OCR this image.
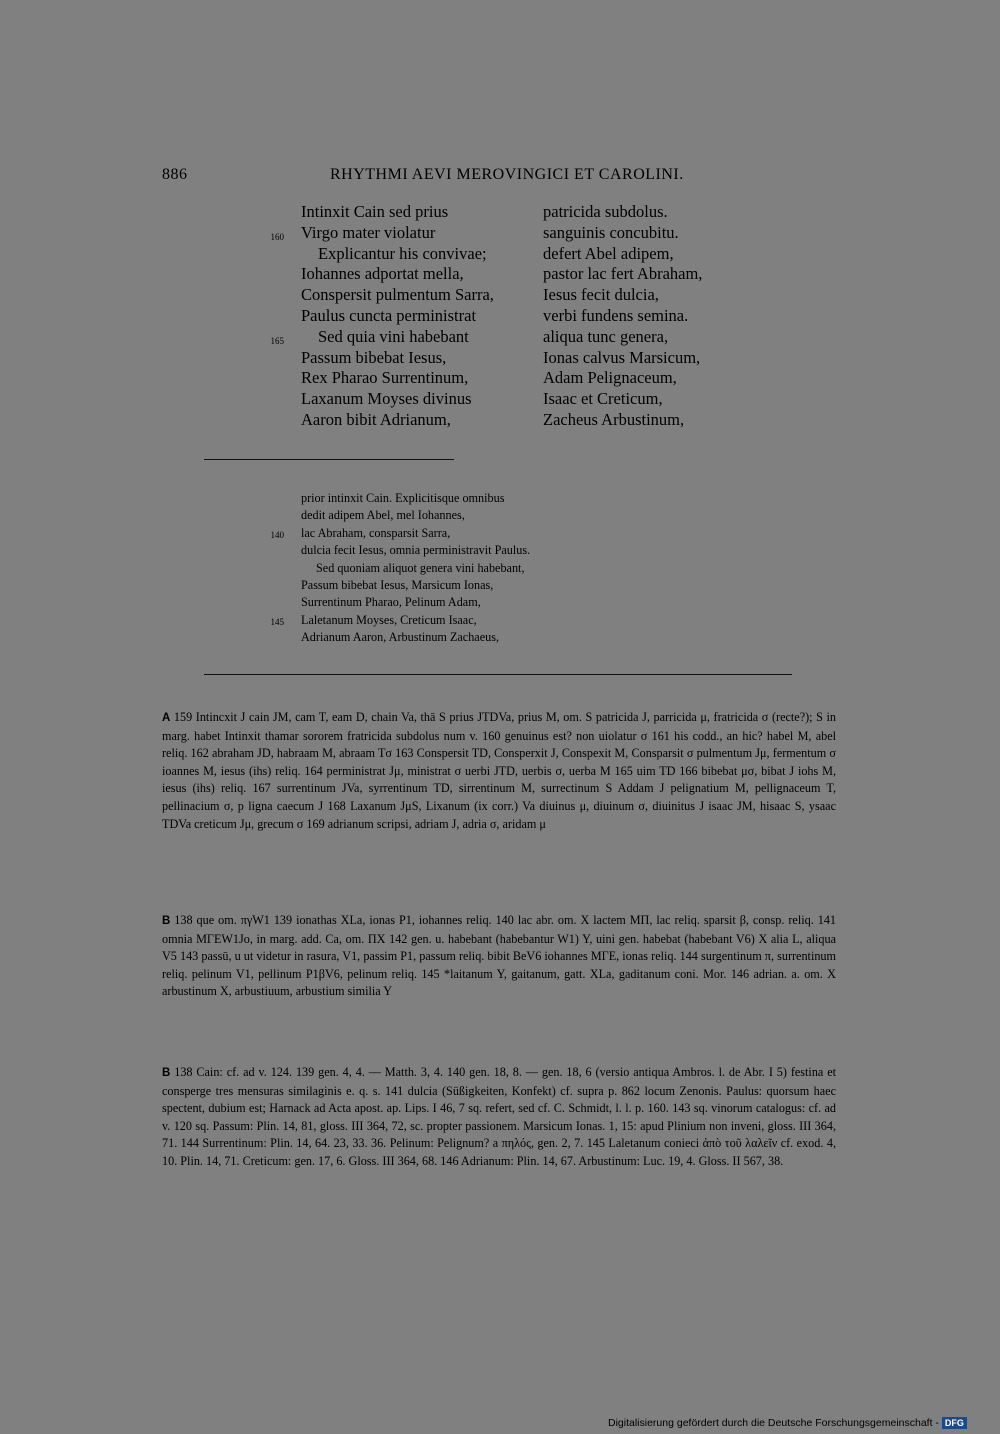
886	RHYTHMI AEVI MEROVINGICI ET CAROLINI.
Intinxit Cain sed prius	patricida subdolus.
160 Virgo mater violatur	sanguinis concubitu.
Explicantur his convivae;	defert Abel adipem,
Iohannes adportat mella,	pastor lac fert Abraham,
Conspersit pulmentum Sarra,	Iesus fecit dulcia,
Paulus cuncta perministrat	verbi fundens semina.
165 Sed quia vini habebant	aliqua tunc genera,
Passum bibebat Iesus,	Ionas calvus Marsicum,
Rex Pharao Surrentinum,	Adam Pelignaceum,
Laxanum Moyses divinus	Isaac et Creticum,
Aaron bibit Adrianum,	Zacheus Arbustinum,
prior intinxit Cain. Explicitisque omnibus
dedit adipem Abel, mel Iohannes,
140 lac Abraham, consparsit Sarra,
dulcia fecit Iesus, omnia perministravit Paulus.
Sed quoniam aliquot genera vini habebant,
Passum bibebat Iesus, Marsicum Ionas,
Surrentinum Pharao, Pelinum Adam,
145 Laletanum Moyses, Creticum Isaac,
Adrianum Aaron, Arbustinum Zachaeus,
A 159 Intincxit J cain JM, cam T, eam D, chain Va, thā S prius JTDVa, prius M, om. S patricida J, parricida μ, fratricida σ (recte?); S in marg. habet Intinxit thamar sororem fratricida subdolus num v. 160 genuinus est? non uiolatur σ 161 his codd., an hic? habel M, abel reliq. 162 abraham JD, habraam M, abraam Tσ 163 Conspersit TD, Consperxit J, Conspexit M, Consparsit σ pulmentum Jμ, fermentum σ ioannes M, iesus (ihs) reliq. 164 perministrat Jμ, ministrat σ uerbi JTD, uerbis σ, uerba M 165 uim TD 166 bibebat μσ, bibat J iohs M, iesus (ihs) reliq. 167 surrentinum JVa, syrrentinum TD, sirrentinum M, surrectinum S Addam J pelignatium M, pellignaceum T, pellinacium σ, p ligna caecum J 168 Laxanum JμS, Lixanum (ix corr.) Va diuinus μ, diuinum σ, diuinitus J isaac JM, hisaac S, ysaac TDVa creticum Jμ, grecum σ 169 adrianum scripsi, adriam J, adria σ, aridam μ
B 138 que om. πγW1 139 ionathas XLa, ionas P1, iohannes reliq. 140 lac abr. om. X lactem MΠ, lac reliq. sparsit β, consp. reliq. 141 omnia MΓEW1Jo, in marg. add. Ca, om. ΠX 142 gen. u. habebant (habebantur W1) Y, uini gen. habebat (habebant V6) X alia L, aliqua V5 143 passū, u ut videtur in rasura, V1, passim P1, passum reliq. bibit BeV6 iohannes MΓE, ionas reliq. 144 surgentinum π, surrentinum reliq. pelinum V1, pellinum P1βV6, pelinum reliq. 145 *laitanum Y, gaitanum, gatt. XLa, gaditanum coni. Mor. 146 adrian. a. om. X arbustinum X, arbustiuum, arbustium similia Y
B 138 Cain: cf. ad v. 124. 139 gen. 4, 4. — Matth. 3, 4. 140 gen. 18, 8. — gen. 18, 6 (versio antiqua Ambros. l. de Abr. I 5) festina et consperge tres mensuras similaginis e. q. s. 141 dulcia (Süßigkeiten, Konfekt) cf. supra p. 862 locum Zenonis. Paulus: quorsum haec spectent, dubium est; Harnack ad Acta apost. ap. Lips. I 46, 7 sq. refert, sed cf. C. Schmidt, l. l. p. 160. 143 sq. vinorum catalogus: cf. ad v. 120 sq. Passum: Plin. 14, 81, gloss. III 364, 72, sc. propter passionem. Marsicum Ionas. 1, 15: apud Plinium non inveni, gloss. III 364, 71. 144 Surrentinum: Plin. 14, 64. 23, 33. 36. Pelinum: Pelignum? a πηλός, gen. 2, 7. 145 Laletanum conieci ἀπὸ τοῦ λαλεῖν cf. exod. 4, 10. Plin. 14, 71. Creticum: gen. 17, 6. Gloss. III 364, 68. 146 Adrianum: Plin. 14, 67. Arbustinum: Luc. 19, 4. Gloss. II 567, 38.
Digitalisierung gefördert durch die Deutsche Forschungsgemeinschaft - DFG
